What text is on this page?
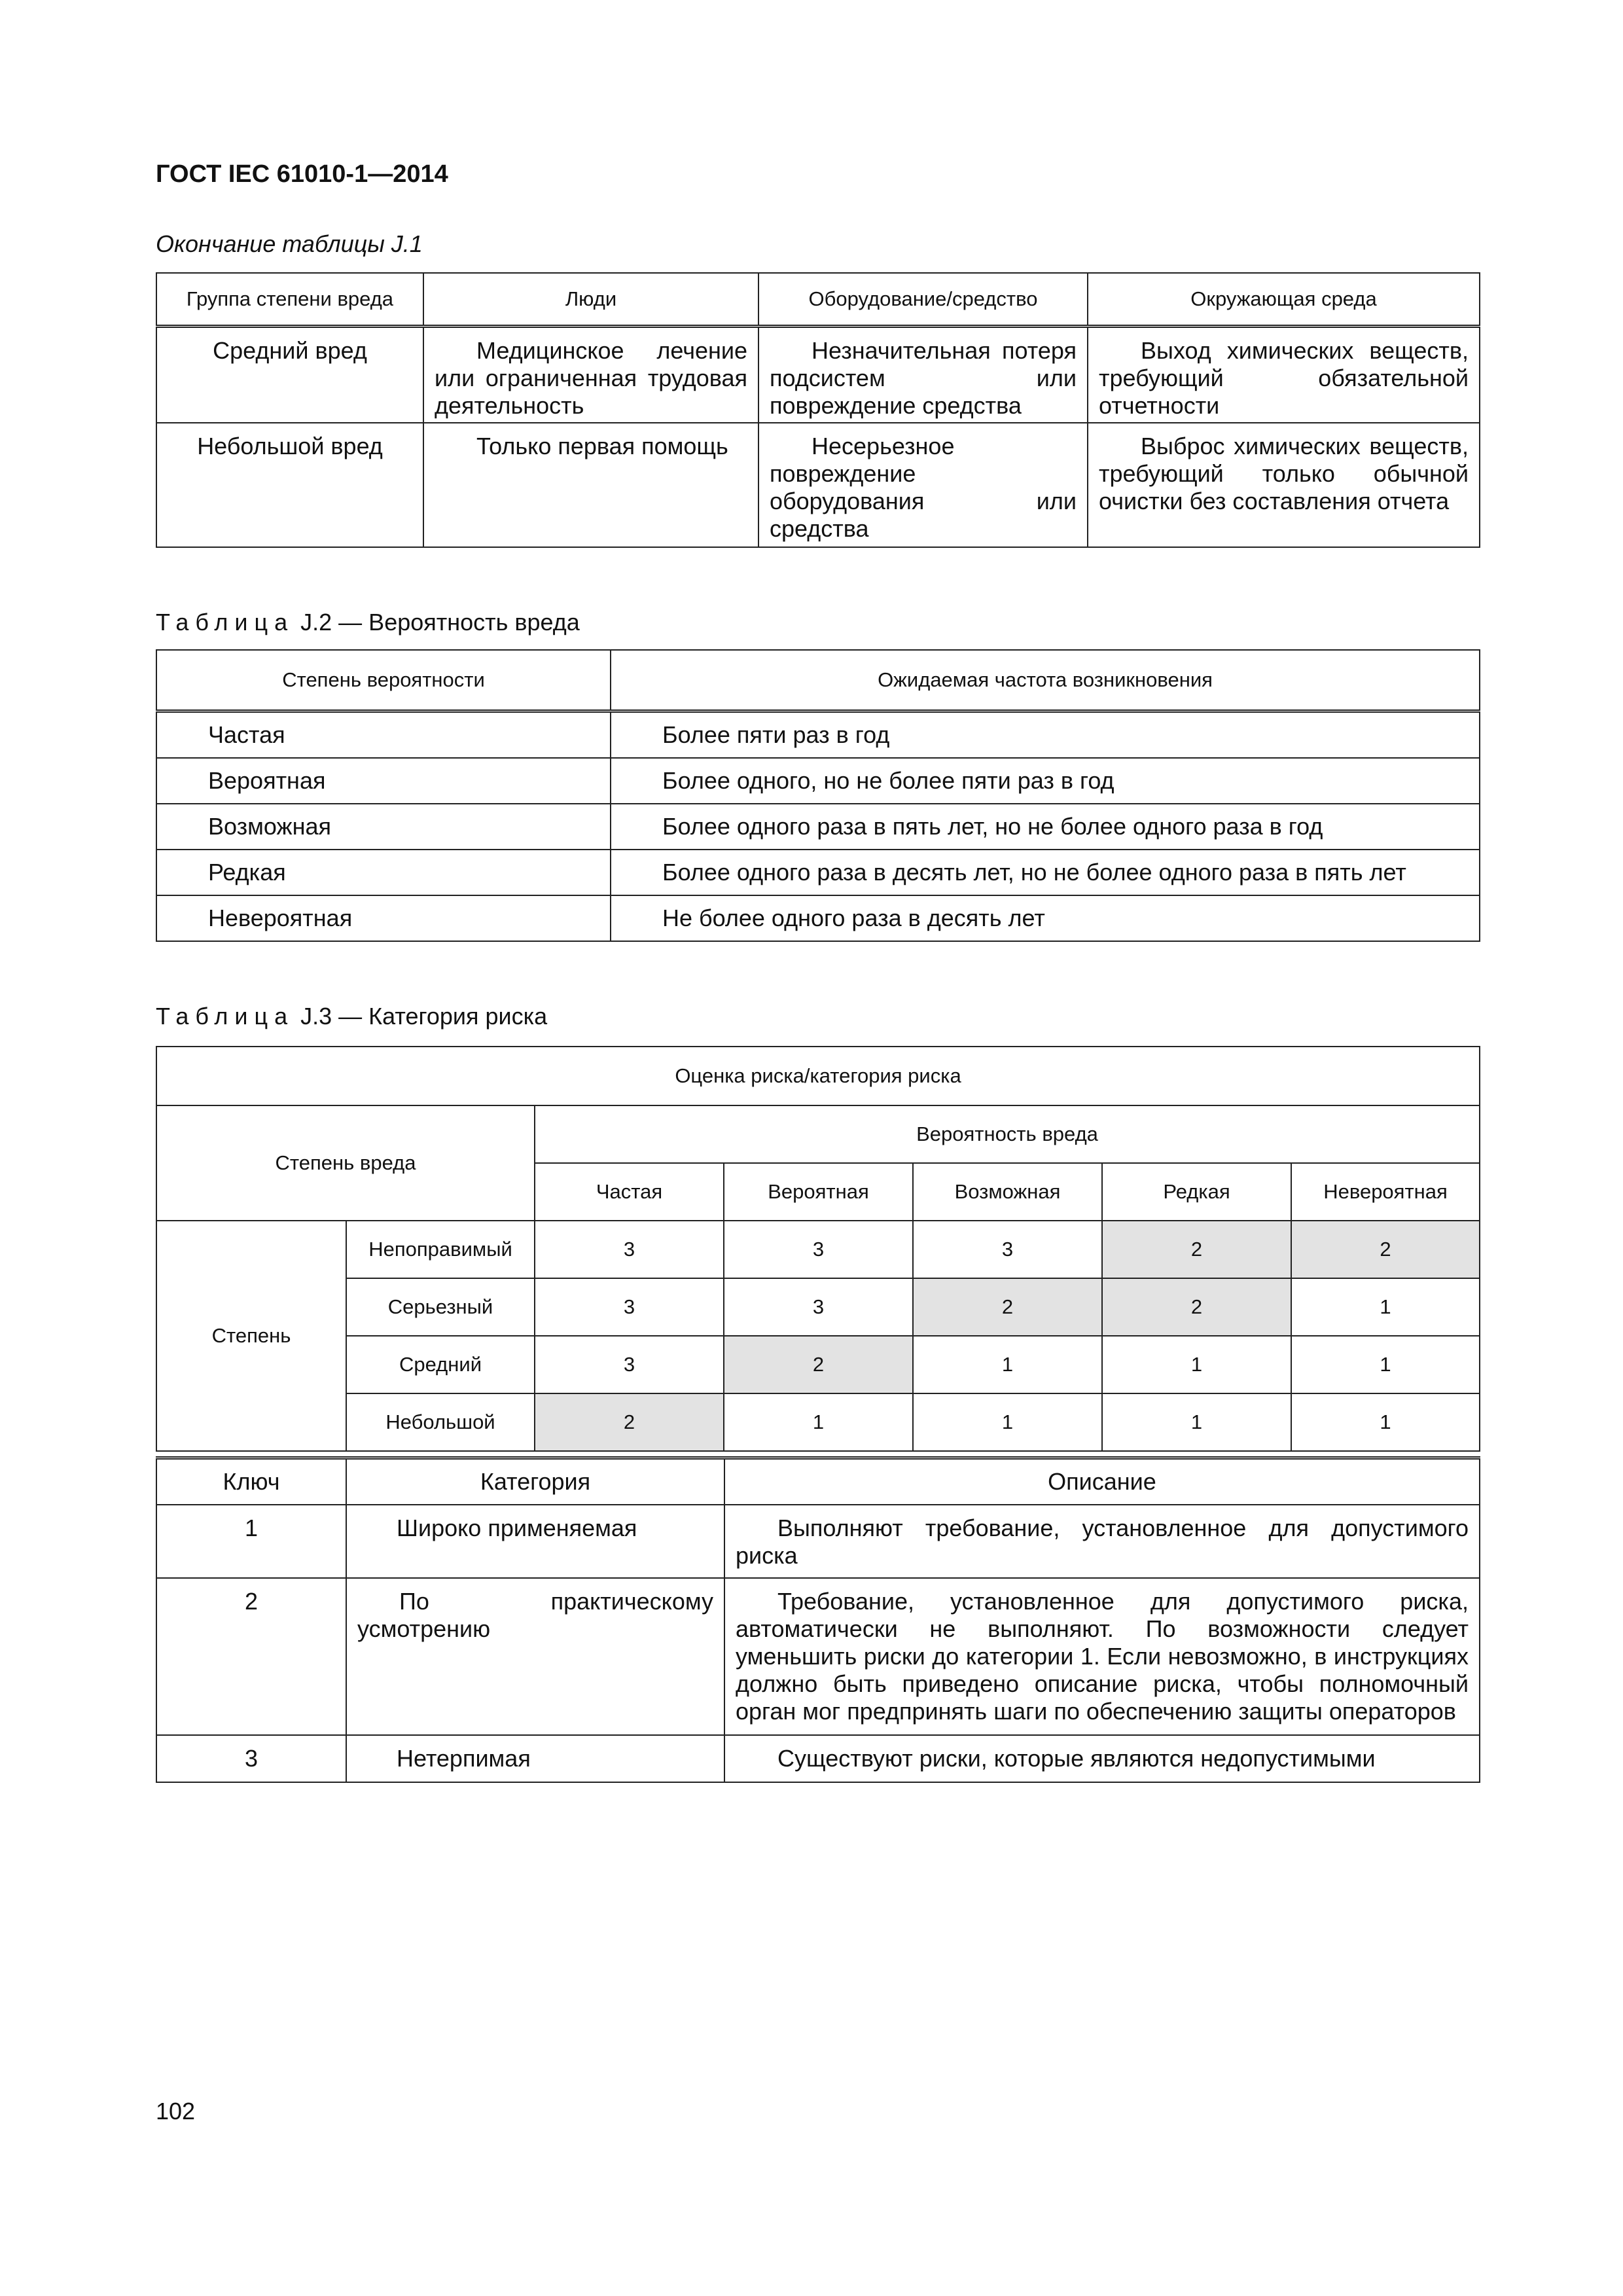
ГОСТ IEC 61010-1—2014
Окончание таблицы J.1
Группа степени вреда	Люди	Оборудование/средство	Окружающая среда
Средний вред	Медицинское лечение или ограниченная трудовая деятельность	Незначительная потеря подсистем или повреждение средства	Выход химических веществ, требующий обязательной отчетности
Небольшой вред	Только первая помощь	Несерьезное повреждение оборудования или средства	Выброс химических веществ, требующий только обычной очистки без составления отчета
Таблица J.2 — Вероятность вреда
Степень вероятности	Ожидаемая частота возникновения
Частая	Более пяти раз в год
Вероятная	Более одного, но не более пяти раз в год
Возможная	Более одного раза в пять лет, но не более одного раза в год
Редкая	Более одного раза в десять лет, но не более одного раза в пять лет
Невероятная	Не более одного раза в десять лет
Таблица J.3 — Категория риска
Оценка риска/категория риска						
Степень вреда		Вероятность вреда				
		Частая	Вероятная	Возможная	Редкая	Невероятная
Степень	Непоправимый	3	3	3	2	2
	Серьезный	3	3	2	2	1
	Средний	3	2	1	1	1
	Небольшой	2	1	1	1	1
Ключ	Категория	Описание
1	Широко применяемая	Выполняют требование, установленное для допустимого риска
2	По практическому усмотрению	Требование, установленное для допустимого риска, автоматически не выполняют. По возможности следует уменьшить риски до категории 1. Если невозможно, в инструкциях должно быть приведено описание риска, чтобы полномочный орган мог предпринять шаги по обеспечению защиты операторов
3	Нетерпимая	Существуют риски, которые являются недопустимыми
102
